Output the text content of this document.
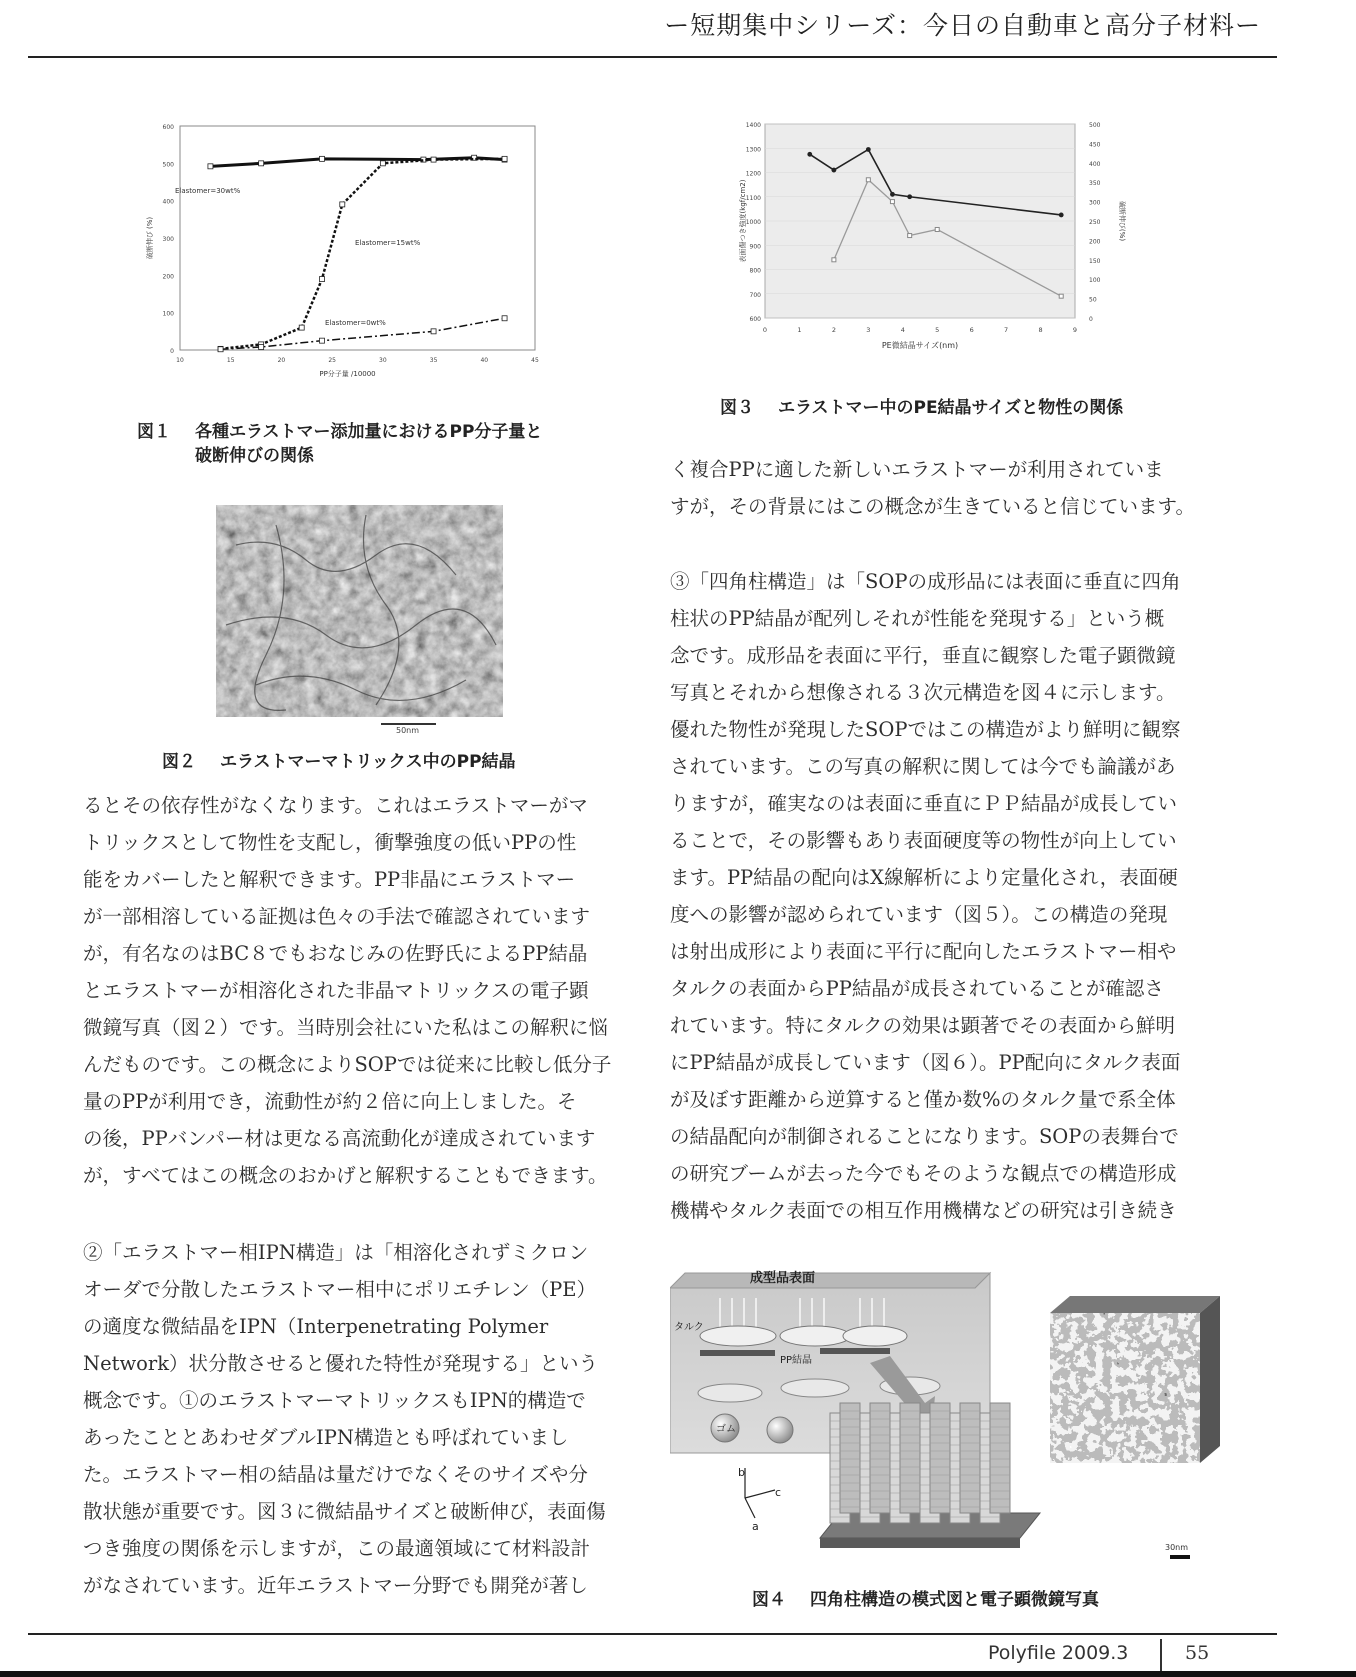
ー短期集中シリーズ：今日の自動車と高分子材料ー
0
100
200
300
400
500
600
10	15	20	25	30	35	40	45
PP分子量 /10000
破断伸び (%)
Elastomer=30wt%
Elastomer=15wt%
Elastomer=0wt%
図１ 各種エラストマー添加量におけるPP分子量と
破断伸びの関係
50nm
図２ エラストマーマトリックス中のPP結晶
600
700
800
900
1000
1100
1200
1300
1400
0
50
100
150
200
250
300
350
400
450
500
0	1	2	3	4	5	6	7	8	9
PE微結晶サイズ(nm)
表面傷つき強度(kgf/cm2)	破断伸び(%)
図３ エラストマー中のPE結晶サイズと物性の関係
るとその依存性がなくなります。これはエラストマーがマ
トリックスとして物性を支配し，衝撃強度の低いPPの性
能をカバーしたと解釈できます。PP非晶にエラストマー
が一部相溶している証拠は色々の手法で確認されています
が，有名なのはBC８でもおなじみの佐野氏によるPP結晶
とエラストマーが相溶化された非晶マトリックスの電子顕
微鏡写真（図２）です。当時別会社にいた私はこの解釈に悩
んだものです。この概念によりSOPでは従来に比較し低分子
量のPPが利用でき，流動性が約２倍に向上しました。そ
の後，PPバンパー材は更なる高流動化が達成されています
が，すべてはこの概念のおかげと解釈することもできます。
②「エラストマー相IPN構造」は「相溶化されずミクロン
オーダで分散したエラストマー相中にポリエチレン（PE）
の適度な微結晶をIPN（Interpenetrating Polymer
Network）状分散させると優れた特性が発現する」という
概念です。①のエラストマーマトリックスもIPN的構造で
あったこととあわせダブルIPN構造とも呼ばれていまし
た。エラストマー相の結晶は量だけでなくそのサイズや分
散状態が重要です。図３に微結晶サイズと破断伸び，表面傷
つき強度の関係を示しますが，この最適領域にて材料設計
がなされています。近年エラストマー分野でも開発が著し
く複合PPに適した新しいエラストマーが利用されていま
すが，その背景にはこの概念が生きていると信じています。
③「四角柱構造」は「SOPの成形品には表面に垂直に四角
柱状のPP結晶が配列しそれが性能を発現する」という概
念です。成形品を表面に平行，垂直に観察した電子顕微鏡
写真とそれから想像される３次元構造を図４に示します。
優れた物性が発現したSOPではこの構造がより鮮明に観察
されています。この写真の解釈に関しては今でも論議があ
りますが，確実なのは表面に垂直にＰＰ結晶が成長してい
ることで，その影響もあり表面硬度等の物性が向上してい
ます。PP結晶の配向はX線解析により定量化され，表面硬
度への影響が認められています（図５）。この構造の発現
は射出成形により表面に平行に配向したエラストマー相や
タルクの表面からPP結晶が成長されていることが確認さ
れています。特にタルクの効果は顕著でその表面から鮮明
にPP結晶が成長しています（図６）。PP配向にタルク表面
が及ぼす距離から逆算すると僅か数%のタルク量で系全体
の結晶配向が制御されることになります。SOPの表舞台で
の研究ブームが去った今でもそのような観点での構造形成
機構やタルク表面での相互作用機構などの研究は引き続き
成型品表面
タルク
PP結晶
ゴム
b
c
a
30nm
図４ 四角柱構造の模式図と電子顕微鏡写真
Polyfile 2009.3	55
